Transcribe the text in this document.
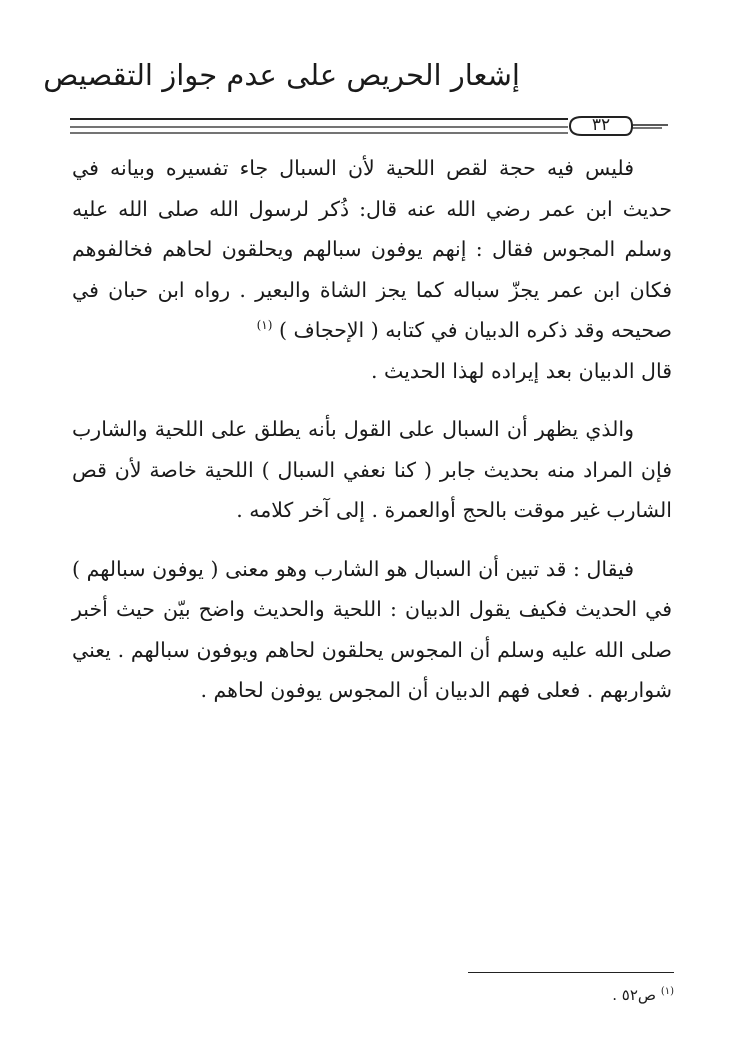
إشعار الحريص على عدم جواز التقصيص
٣٢

فليس فيه حجة لقص اللحية لأن السبال جاء تفسيره وبيانه في حديث ابن عمر رضي الله عنه قال: ذُكر لرسول الله صلى الله عليه وسلم المجوس فقال : إنهم يوفون سبالهم ويحلقون لحاهم فخالفوهم فكان ابن عمر يجزّ سباله كما يجز الشاة والبعير . رواه ابن حبان في صحيحه وقد ذكره الدبيان في كتابه ( الإحجاف ) $^{(١)}$
قال الدبيان بعد إيراده لهذا الحديث .

والذي يظهر أن السبال على القول بأنه يطلق على اللحية والشارب فإن المراد منه بحديث جابر ( كنا نعفي السبال ) اللحية خاصة لأن قص الشارب غير موقت بالحج أوالعمرة . إلى آخر كلامه .

فيقال : قد تبين أن السبال هو الشارب وهو معنى ( يوفون سبالهم ) في الحديث فكيف يقول الدبيان : اللحية والحديث واضح بيّن حيث أخبر صلى الله عليه وسلم أن المجوس يحلقون لحاهم ويوفون سبالهم . يعني شواربهم . فعلى فهم الدبيان أن المجوس يوفون لحاهم .

$^{(١)}$ ص٥٢ .
